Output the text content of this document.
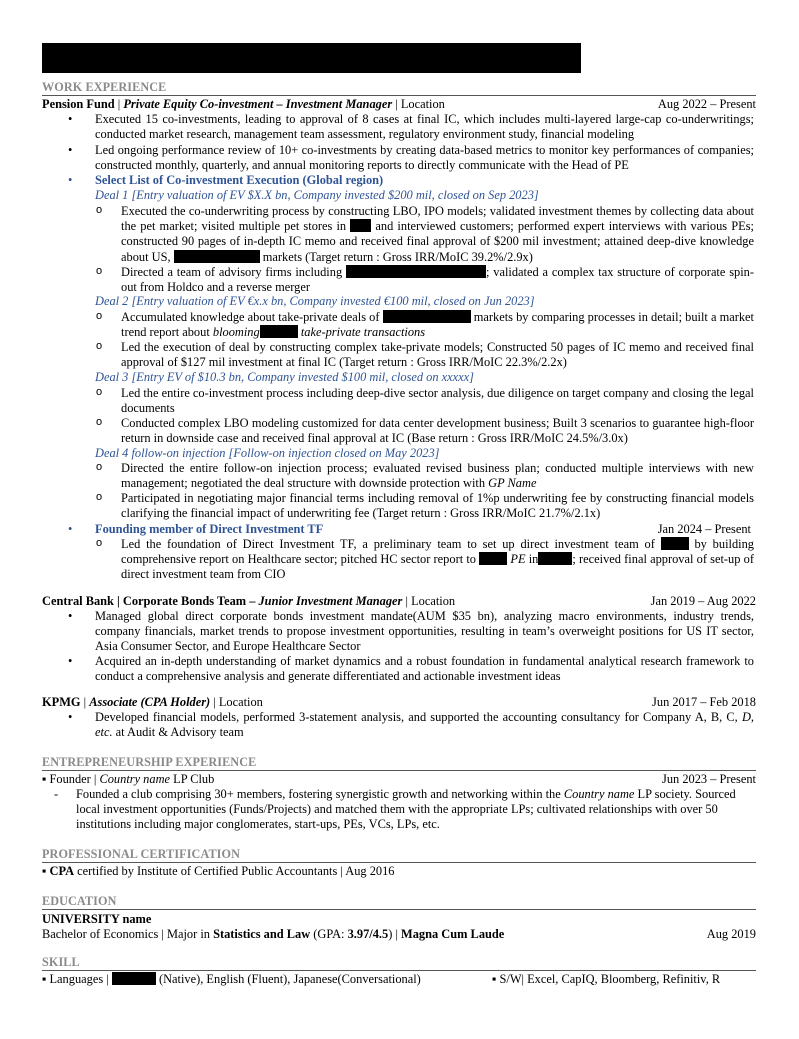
WORK EXPERIENCE
Pension Fund | Private Equity Co-investment – Investment Manager | Location	Aug 2022 – Present
• Executed 15 co-investments, leading to approval of 8 cases at final IC, which includes multi-layered large-cap co-underwritings; conducted market research, management team assessment, regulatory environment study, financial modeling
• Led ongoing performance review of 10+ co-investments by creating data-based metrics to monitor key performances of companies; constructed monthly, quarterly, and annual monitoring reports to directly communicate with the Head of PE
• Select List of Co-investment Execution (Global region)
Deal 1 [Entry valuation of EV $X.X bn, Company invested $200 mil, closed on Sep 2023]
o Executed the co-underwriting process by constructing LBO, IPO models; validated investment themes by collecting data about the pet market; visited multiple pet stores in and interviewed customers; performed expert interviews with various PEs; constructed 90 pages of in-depth IC memo and received final approval of $200 mil investment; attained deep-dive knowledge about US,	markets (Target return : Gross IRR/MoIC 39.2%/2.9x)
o Directed a team of advisory firms including	; validated a complex tax structure of corporate spin-out from Holdco and a reverse merger
Deal 2 [Entry valuation of EV €x.x bn, Company invested €100 mil, closed on Jun 2023]
o Accumulated knowledge about take-private deals of	markets by comparing processes in detail; built a market trend report about blooming	take-private transactions
o Led the execution of deal by constructing complex take-private models; Constructed 50 pages of IC memo and received final approval of $127 mil investment at final IC (Target return : Gross IRR/MoIC 22.3%/2.2x)
Deal 3 [Entry EV of $10.3 bn, Company invested $100 mil, closed on xxxxx]
o Led the entire co-investment process including deep-dive sector analysis, due diligence on target company and closing the legal documents
o Conducted complex LBO modeling customized for data center development business; Built 3 scenarios to guarantee high-floor return in downside case and received final approval at IC (Base return : Gross IRR/MoIC 24.5%/3.0x)
Deal 4 follow-on injection [Follow-on injection closed on May 2023]
o Directed the entire follow-on injection process; evaluated revised business plan; conducted multiple interviews with new management; negotiated the deal structure with downside protection with GP Name
o Participated in negotiating major financial terms including removal of 1%p underwriting fee by constructing financial models clarifying the financial impact of underwriting fee (Target return : Gross IRR/MoIC 21.7%/2.1x)
• Founding member of Direct Investment TF	Jan 2024 – Present
o Led the foundation of Direct Investment TF, a preliminary team to set up direct investment team of	by building comprehensive report on Healthcare sector; pitched HC sector report to	PE in	; received final approval of set-up of direct investment team from CIO
Central Bank | Corporate Bonds Team – Junior Investment Manager | Location	Jan 2019 – Aug 2022
• Managed global direct corporate bonds investment mandate(AUM $35 bn), analyzing macro environments, industry trends, company financials, market trends to propose investment opportunities, resulting in team’s overweight positions for US IT sector, Asia Consumer Sector, and Europe Healthcare Sector
• Acquired an in-depth understanding of market dynamics and a robust foundation in fundamental analytical research framework to conduct a comprehensive analysis and generate differentiated and actionable investment ideas
KPMG | Associate (CPA Holder) | Location	Jun 2017 – Feb 2018
• Developed financial models, performed 3-statement analysis, and supported the accounting consultancy for Company A, B, C, D, etc. at Audit & Advisory team
ENTREPRENEURSHIP EXPERIENCE
▪ Founder | Country name LP Club	Jun 2023 – Present
- Founded a club comprising 30+ members, fostering synergistic growth and networking within the Country name LP society. Sourced local investment opportunities (Funds/Projects) and matched them with the appropriate LPs; cultivated relationships with over 50 institutions including major conglomerates, start-ups, PEs, VCs, LPs, etc.
PROFESSIONAL CERTIFICATION
▪ CPA certified by Institute of Certified Public Accountants | Aug 2016
EDUCATION
UNIVERSITY name
Bachelor of Economics | Major in Statistics and Law (GPA: 3.97/4.5) | Magna Cum Laude	Aug 2019
SKILL
▪ Languages |	(Native), English (Fluent), Japanese(Conversational)	▪ S/W| Excel, CapIQ, Bloomberg, Refinitiv, R
